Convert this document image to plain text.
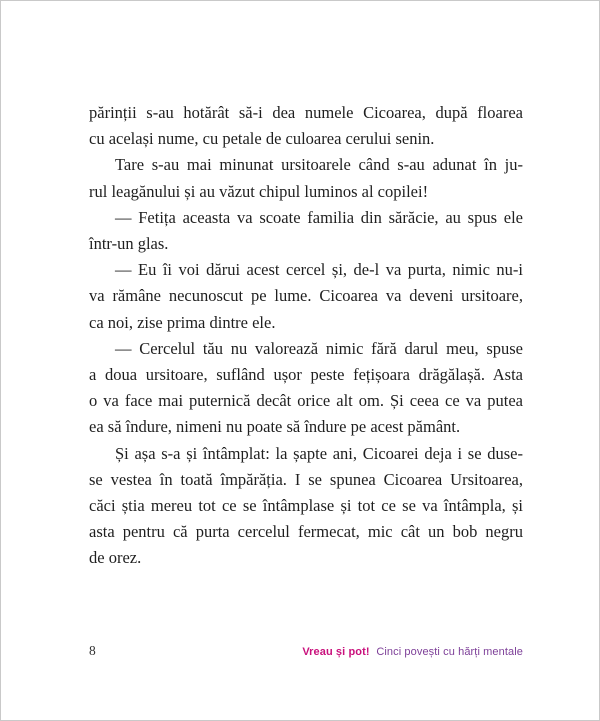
părinții s-au hotărât să-i dea numele Cicoarea, după floarea
cu același nume, cu petale de culoarea cerului senin.
Tare s-au mai minunat ursitoarele când s-au adunat în ju-
rul leagănului și au văzut chipul luminos al copilei!
— Fetița aceasta va scoate familia din sărăcie, au spus ele
într-un glas.
— Eu îi voi dărui acest cercel și, de-l va purta, nimic nu-i
va rămâne necunoscut pe lume. Cicoarea va deveni ursitoare,
ca noi, zise prima dintre ele.
— Cercelul tău nu valorează nimic fără darul meu, spuse
a doua ursitoare, suflând ușor peste fețișoara drăgălașă. Asta
o va face mai puternică decât orice alt om. Și ceea ce va putea
ea să îndure, nimeni nu poate să îndure pe acest pământ.
Și așa s-a și întâmplat: la șapte ani, Cicoarei deja i se duse-
se vestea în toată împărăția. I se spunea Cicoarea Ursitoarea,
căci știa mereu tot ce se întâmplase și tot ce se va întâmpla, și
asta pentru că purta cercelul fermecat, mic cât un bob negru
de orez.
8	Vreau și pot! Cinci povești cu hărți mentale
